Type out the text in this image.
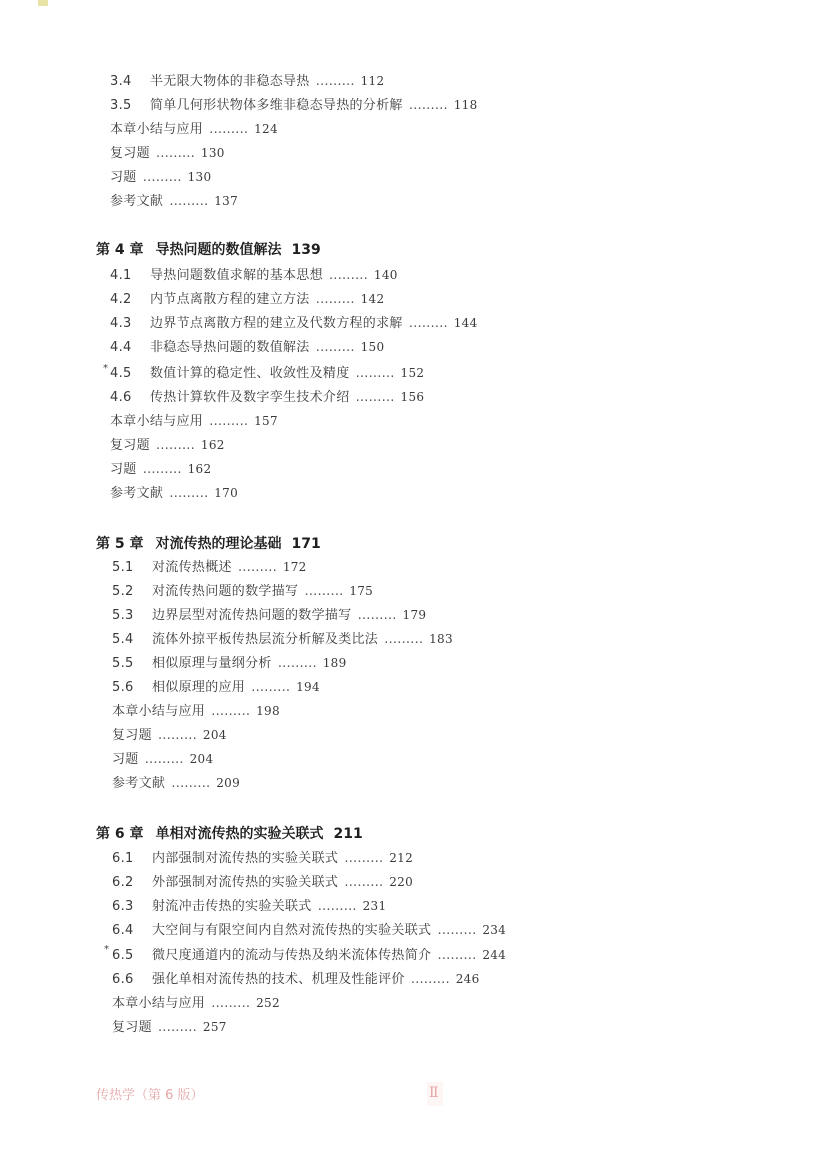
3.4 半无限大物体的非稳态导热 ……… 112
3.5 简单几何形状物体多维非稳态导热的分析解 ……… 118
本章小结与应用 ……… 124
复习题 ……… 130
习题 ……… 130
参考文献 ……… 137
第 4 章 导热问题的数值解法 139
4.1 导热问题数值求解的基本思想 ……… 140
4.2 内节点离散方程的建立方法 ……… 142
4.3 边界节点离散方程的建立及代数方程的求解 ……… 144
4.4 非稳态导热问题的数值解法 ……… 150
* 4.5 数值计算的稳定性、收敛性及精度 ……… 152
4.6 传热计算软件及数字孪生技术介绍 ……… 156
本章小结与应用 ……… 157
复习题 ……… 162
习题 ……… 162
参考文献 ……… 170
第 5 章 对流传热的理论基础 171
5.1 对流传热概述 ……… 172
5.2 对流传热问题的数学描写 ……… 175
5.3 边界层型对流传热问题的数学描写 ……… 179
5.4 流体外掠平板传热层流分析解及类比法 ……… 183
5.5 相似原理与量纲分析 ……… 189
5.6 相似原理的应用 ……… 194
本章小结与应用 ……… 198
复习题 ……… 204
习题 ……… 204
参考文献 ……… 209
第 6 章 单相对流传热的实验关联式 211
6.1 内部强制对流传热的实验关联式 ……… 212
6.2 外部强制对流传热的实验关联式 ……… 220
6.3 射流冲击传热的实验关联式 ……… 231
6.4 大空间与有限空间内自然对流传热的实验关联式 ……… 234
* 6.5 微尺度通道内的流动与传热及纳米流体传热简介 ……… 244
6.6 强化单相对流传热的技术、机理及性能评价 ……… 246
本章小结与应用 ……… 252
复习题 ……… 257
传热学（第 6 版）	Ⅱ
